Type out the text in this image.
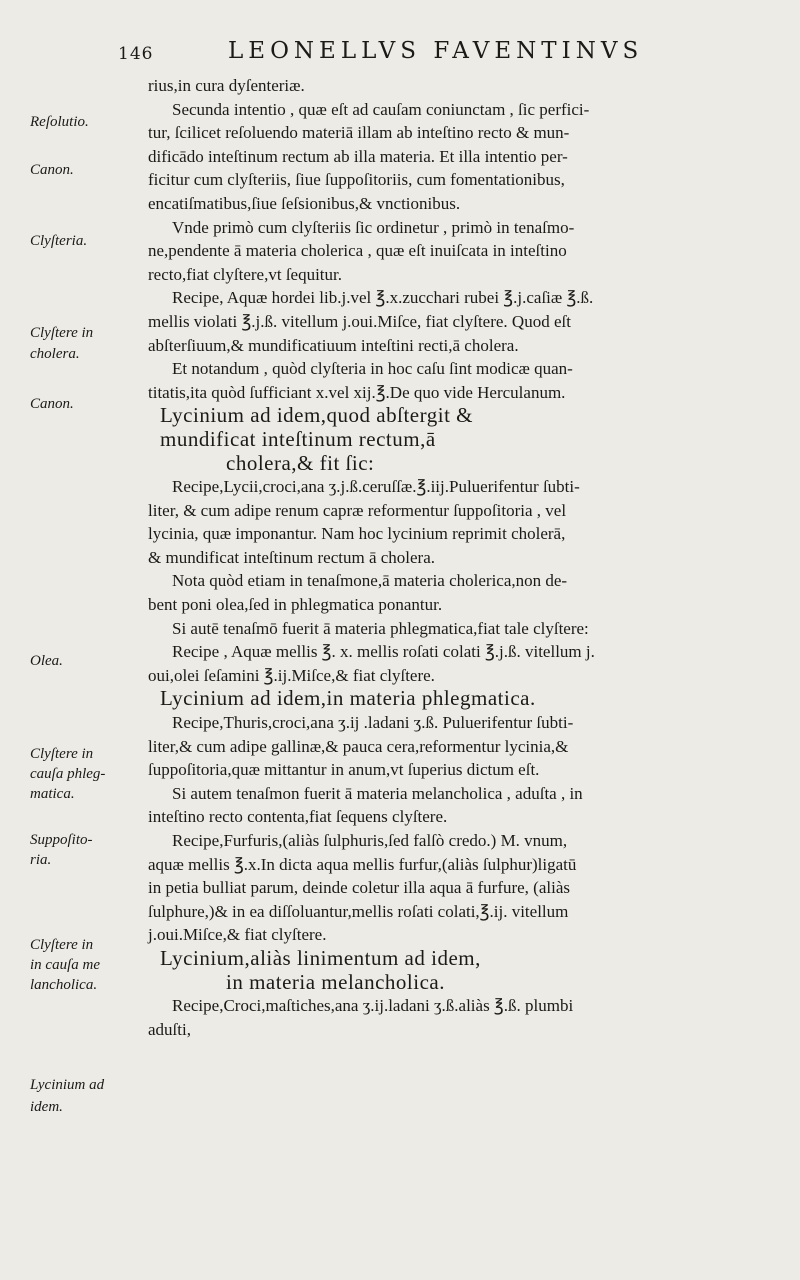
146	LEONELLVS FAVENTINVS
rius,in cura dyſenteriæ.
Secunda intentio , quæ eſt ad cauſam coniunctam , ſic perfici-
tur, ſcilicet reſoluendo materiā illam ab inteſtino recto & mun-
dificādo inteſtinum rectum ab illa materia. Et illa intentio per-
ficitur cum clyſteriis, ſiue ſuppoſitoriis, cum fomentationibus,
encatiſmatibus,ſiue ſeſsionibus,& vnctionibus.
Vnde primò cum clyſteriis ſic ordinetur , primò in tenaſmo-
ne,pendente ā materia cholerica , quæ eſt inuiſcata in inteſtino
recto,fiat clyſtere,vt ſequitur.
Recipe, Aquæ hordei lib.j.vel ℥.x.zucchari rubei ℥.j.caſiæ ℥.ß.
mellis violati ℥.j.ß. vitellum j.oui.Miſce, fiat clyſtere. Quod eſt
abſterſiuum,& mundificatiuum inteſtini recti,ā cholera.
Et notandum , quòd clyſteria in hoc caſu ſint modicæ quan-
titatis,ita quòd ſufficiant x.vel xij.℥.De quo vide Herculanum.
Lycinium ad idem,quod abſtergit &
mundificat inteſtinum rectum,ā
cholera,& fit ſic:
Recipe,Lycii,croci,ana ʒ.j.ß.ceruſſæ.℥.iij.Puluerifentur ſubti-
liter, & cum adipe renum capræ reformentur ſuppoſitoria , vel
lycinia, quæ imponantur. Nam hoc lycinium reprimit cholerā,
& mundificat inteſtinum rectum ā cholera.
Nota quòd etiam in tenaſmone,ā materia cholerica,non de-
bent poni olea,ſed in phlegmatica ponantur.
Si autē tenaſmō fuerit ā materia phlegmatica,fiat tale clyſtere:
Recipe , Aquæ mellis ℥. x. mellis roſati colati ℥.j.ß. vitellum j.
oui,olei ſeſamini ℥.ij.Miſce,& fiat clyſtere.
Lycinium ad idem,in materia phlegmatica.
Recipe,Thuris,croci,ana ʒ.ij .ladani ʒ.ß. Puluerifentur ſubti-
liter,& cum adipe gallinæ,& pauca cera,reformentur lycinia,&
ſuppoſitoria,quæ mittantur in anum,vt ſuperius dictum eſt.
Si autem tenaſmon fuerit ā materia melancholica , aduſta , in
inteſtino recto contenta,fiat ſequens clyſtere.
Recipe,Furfuris,(aliàs ſulphuris,ſed falſò credo.) M. vnum,
aquæ mellis ℥.x.In dicta aqua mellis furfur,(aliàs ſulphur)ligatū
in petia bulliat parum, deinde coletur illa aqua ā furfure, (aliàs
ſulphure,)& in ea diſſoluantur,mellis roſati colati,℥.ij. vitellum
j.oui.Miſce,& fiat clyſtere.
Lycinium,aliàs linimentum ad idem,
in materia melancholica.
Recipe,Croci,maſtiches,ana ʒ.ij.ladani ʒ.ß.aliàs ℥.ß. plumbi
aduſti,
Reſolutio.
Canon.
Clyſteria.
Clyſtere in
cholera.
Canon.
Olea.
Clyſtere in
cauſa phleg-
matica.
Suppoſito-
ria.
Clyſtere in
in cauſa me
lancholica.
Lycinium ad
idem.
